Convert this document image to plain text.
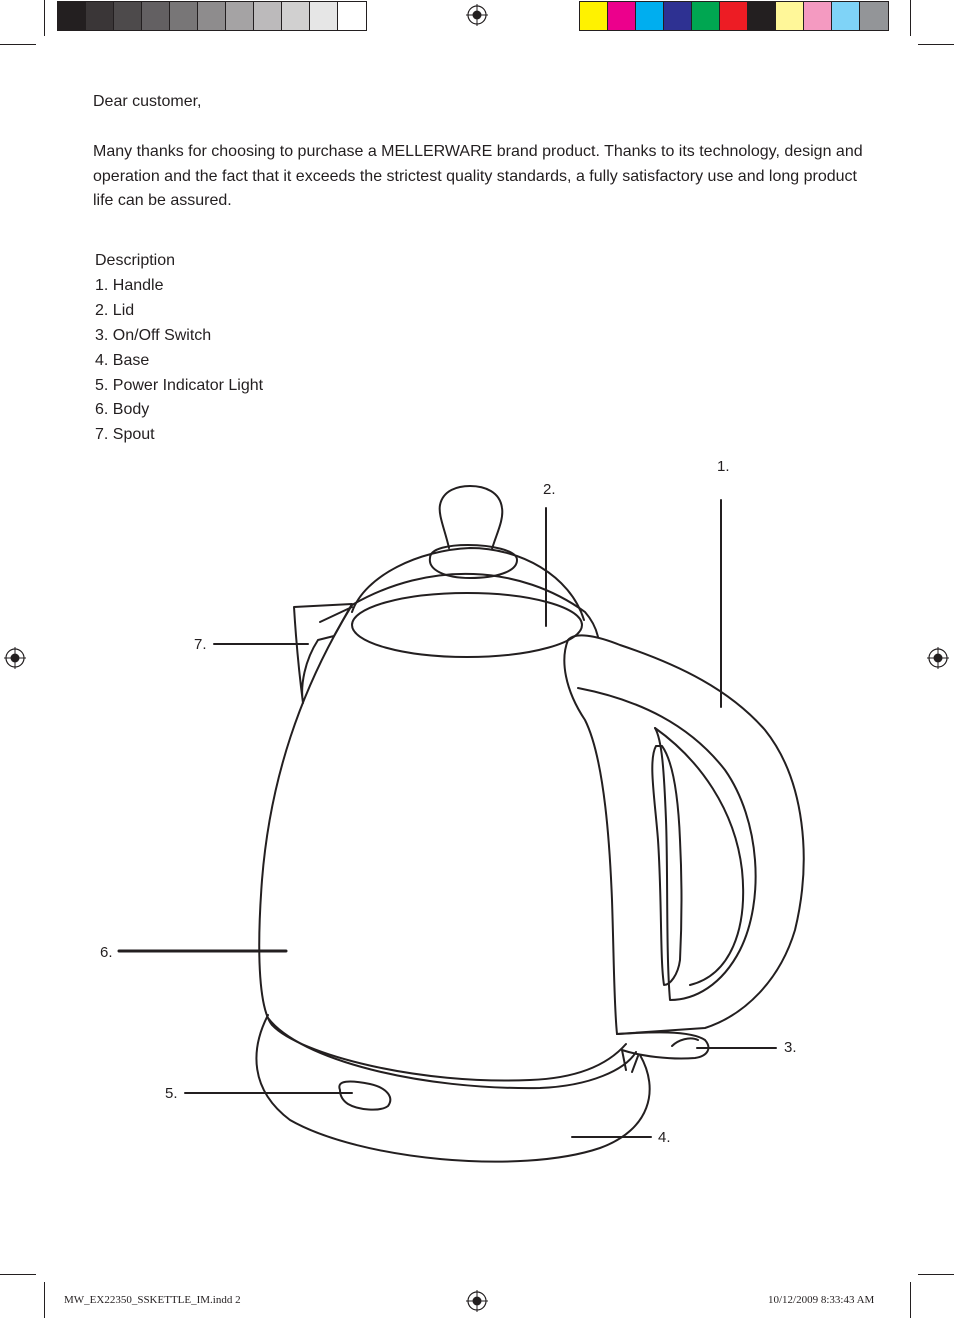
Dear customer,
Many thanks for choosing to purchase a MELLERWARE brand product. Thanks to its technology, design and operation and the fact that it exceeds the strictest quality standards, a fully satisfactory use and long product life can be assured.
Description
1. Handle
2. Lid
3. On/Off Switch
4. Base
5. Power Indicator Light
6. Body
7. Spout
1.
2.
7.
6.
5.
4.
3.
MW_EX22350_SSKETTLE_IM.indd 2	10/12/2009 8:33:43 AM
